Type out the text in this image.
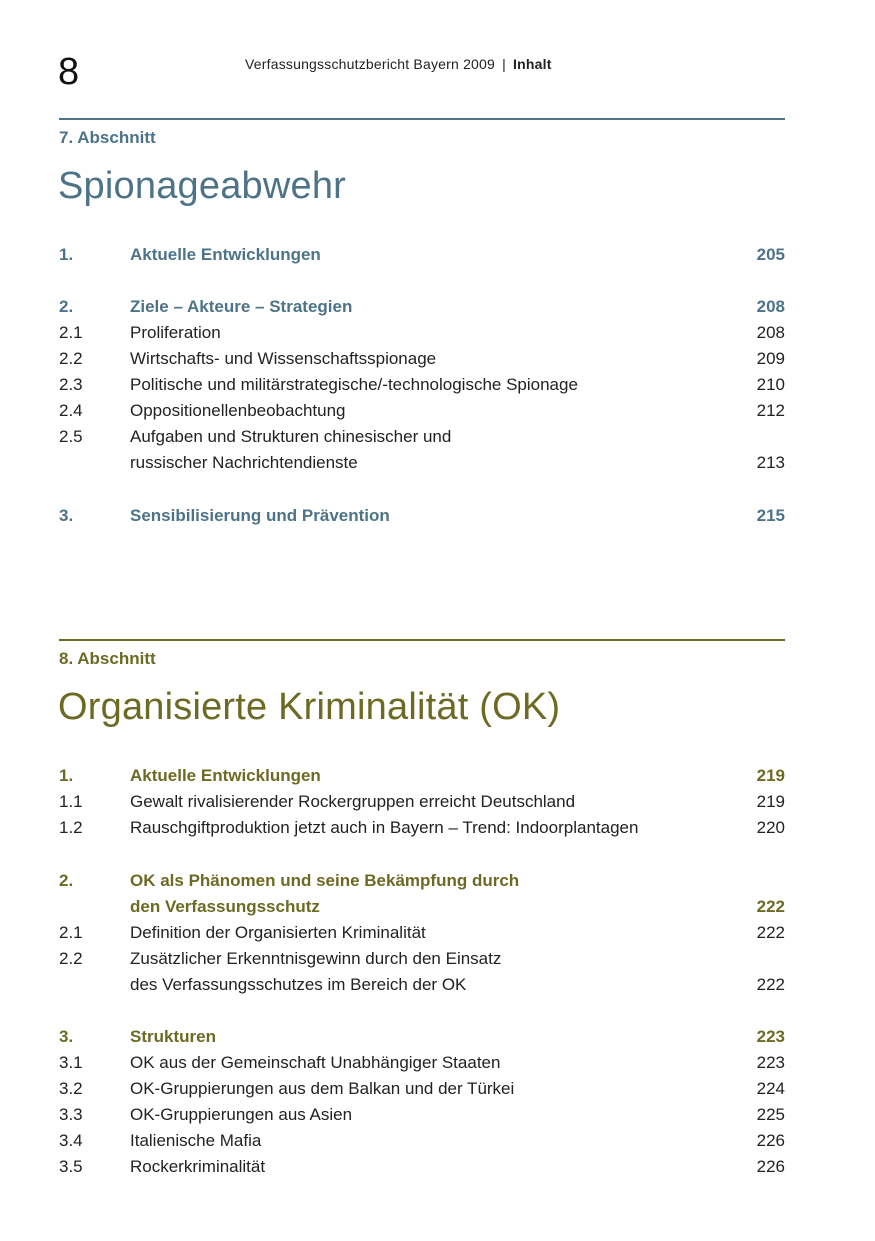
8	Verfassungsschutzbericht Bayern 2009 | Inhalt
7. Abschnitt
Spionageabwehr
1.	Aktuelle Entwicklungen	205
2.	Ziele – Akteure – Strategien	208
2.1	Proliferation	208
2.2	Wirtschafts- und Wissenschaftsspionage	209
2.3	Politische und militärstrategische/-technologische Spionage	210
2.4	Oppositionellenbeobachtung	212
2.5	Aufgaben und Strukturen chinesischer und
russischer Nachrichtendienste	213
3.	Sensibilisierung und Prävention	215
8. Abschnitt
Organisierte Kriminalität (OK)
1.	Aktuelle Entwicklungen	219
1.1	Gewalt rivalisierender Rockergruppen erreicht Deutschland	219
1.2	Rauschgiftproduktion jetzt auch in Bayern – Trend: Indoorplantagen	220
2.	OK als Phänomen und seine Bekämpfung durch
den Verfassungsschutz	222
2.1	Definition der Organisierten Kriminalität	222
2.2	Zusätzlicher Erkenntnisgewinn durch den Einsatz
des Verfassungsschutzes im Bereich der OK	222
3.	Strukturen	223
3.1	OK aus der Gemeinschaft Unabhängiger Staaten	223
3.2	OK-Gruppierungen aus dem Balkan und der Türkei	224
3.3	OK-Gruppierungen aus Asien	225
3.4	Italienische Mafia	226
3.5	Rockerkriminalität	226
